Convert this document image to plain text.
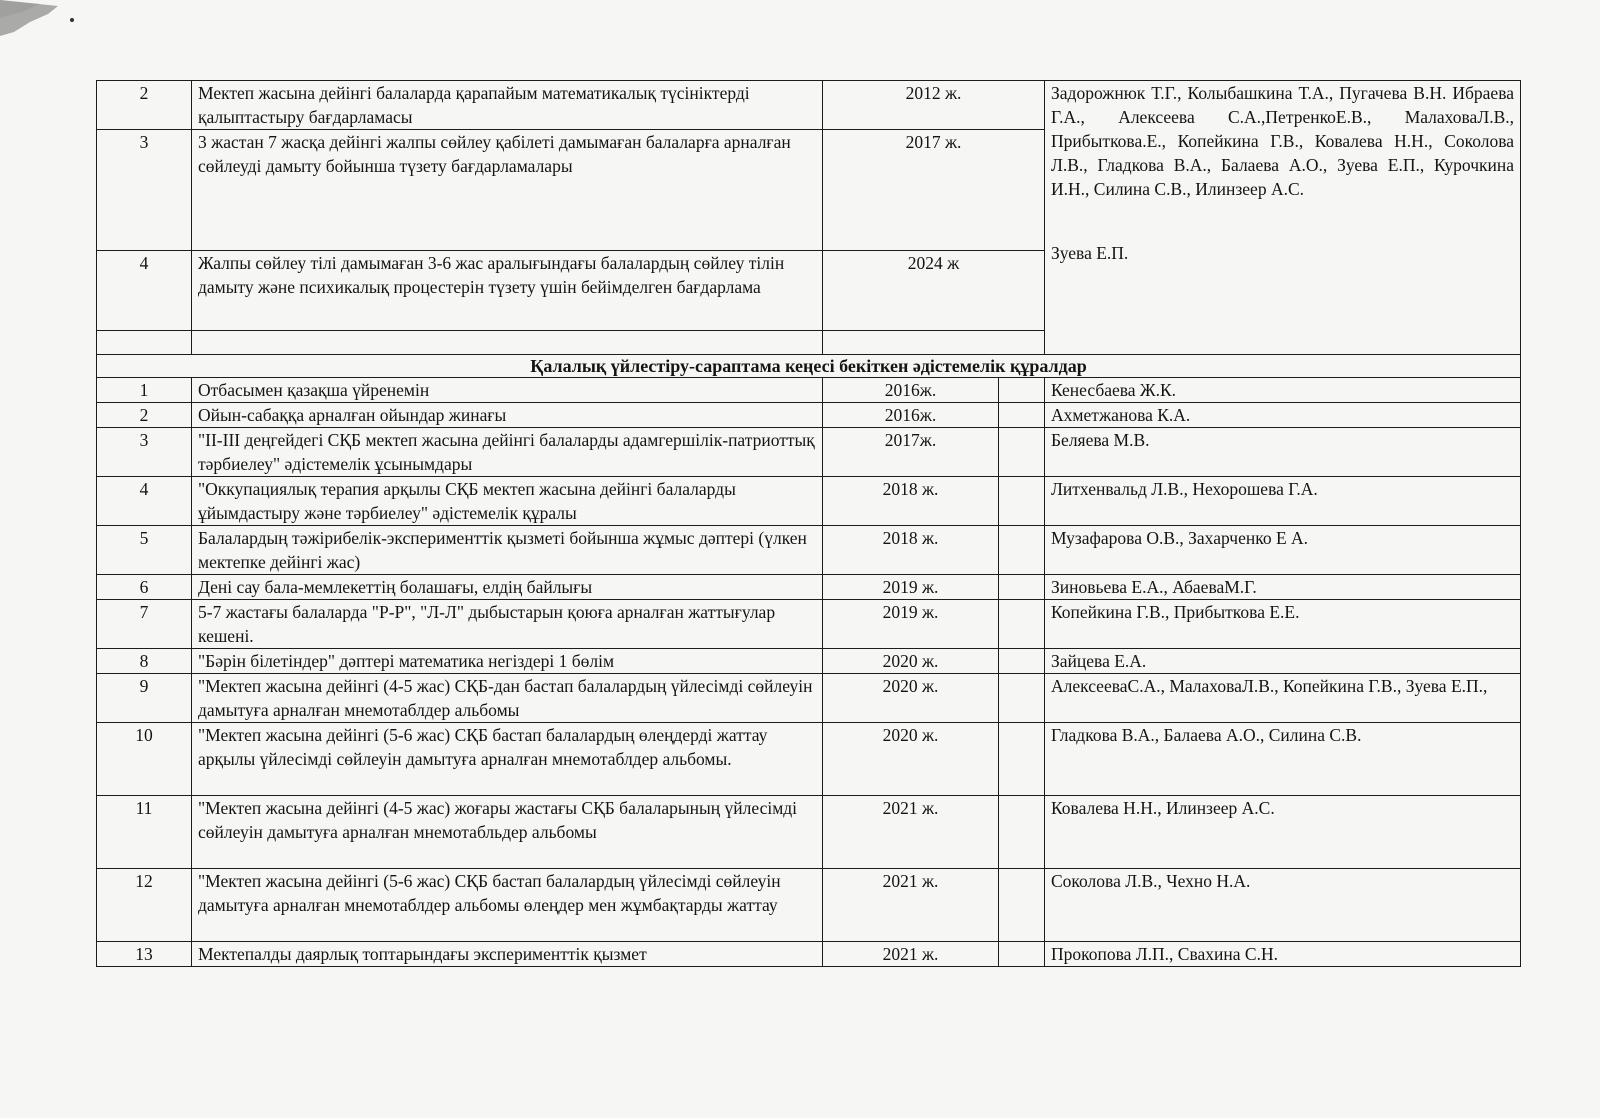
2	Мектеп жасына дейінгі балаларда қарапайым математикалық түсініктерді қалыптастыру бағдарламасы	2012 ж.	Задорожнюк Т.Г., Колыбашкина Т.А., Пугачева В.Н. Ибраева Г.А., Алексеева С.А.,ПетренкоЕ.В., МалаховаЛ.В., Прибыткова.Е., Копейкина Г.В., Ковалева Н.Н., Соколова Л.В., Гладкова В.А., Балаева А.О., Зуева Е.П., Курочкина И.Н., Силина С.В., Илинзеер А.С.
Зуева Е.П.

3	3 жастан 7 жасқа дейінгі жалпы сөйлеу қабілеті дамымаған балаларға арналған сөйлеуді дамыту бойынша түзету бағдарламалары	2017 ж.
4	Жалпы сөйлеу тілі дамымаған 3-6 жас аралығындағы балалардың сөйлеу тілін дамыту және психикалық процестерін түзету үшін бейімделген бағдарлама	2024 ж

Қалалық үйлестіру-сараптама кеңесі бекіткен әдістемелік құралдар
1	Отбасымен қазақша үйренемін	2016ж.		Кенесбаева Ж.К.
2	Ойын-сабаққа арналған ойындар жинағы	2016ж.		Ахметжанова К.А.
3	"ІІ-ІІІ деңгейдегі СҚБ мектеп жасына дейінгі балаларды адамгершілік-патриоттық тәрбиелеу" әдістемелік ұсынымдары	2017ж.		Беляева М.В.
4	"Оккупациялық терапия арқылы СҚБ мектеп жасына дейінгі балаларды ұйымдастыру және тәрбиелеу" әдістемелік құралы	2018 ж.		Литхенвальд Л.В., Нехорошева Г.А.
5	Балалардың тәжірибелік-эксперименттік қызметі бойынша жұмыс дәптері (үлкен мектепке дейінгі жас)	2018 ж.		Музафарова О.В., Захарченко Е А.
6	Дені сау бала-мемлекеттің болашағы, елдің байлығы	2019 ж.		Зиновьева Е.А., АбаеваМ.Г.
7	5-7 жастағы балаларда "Р-Р", "Л-Л" дыбыстарын қоюға арналған жаттығулар кешені.	2019 ж.		Копейкина Г.В., Прибыткова Е.Е.
8	"Бәрін білетіндер" дәптері математика негіздері 1 бөлім	2020 ж.		Зайцева Е.А.
9	"Мектеп жасына дейінгі (4-5 жас) СҚБ-дан бастап балалардың үйлесімді сөйлеуін дамытуға арналған мнемотаблдер альбомы	2020 ж.		АлексееваС.А., МалаховаЛ.В., Копейкина Г.В., Зуева Е.П.,
10	"Мектеп жасына дейінгі (5-6 жас) СҚБ бастап балалардың өлеңдерді жаттау арқылы үйлесімді сөйлеуін дамытуға арналған мнемотаблдер альбомы.	2020 ж.		Гладкова В.А., Балаева А.О., Силина С.В.
11	"Мектеп жасына дейінгі (4-5 жас) жоғары жастағы СҚБ балаларының үйлесімді сөйлеуін дамытуға арналған мнемотабльдер альбомы	2021 ж.		Ковалева Н.Н., Илинзеер А.С.
12	"Мектеп жасына дейінгі (5-6 жас) СҚБ бастап балалардың үйлесімді сөйлеуін дамытуға арналған мнемотаблдер альбомы өлеңдер мен жұмбақтарды жаттау	2021 ж.		Соколова Л.В., Чехно Н.А.
13	Мектепалды даярлық топтарындағы эксперименттік қызмет	2021 ж.		Прокопова Л.П., Свахина С.Н.
